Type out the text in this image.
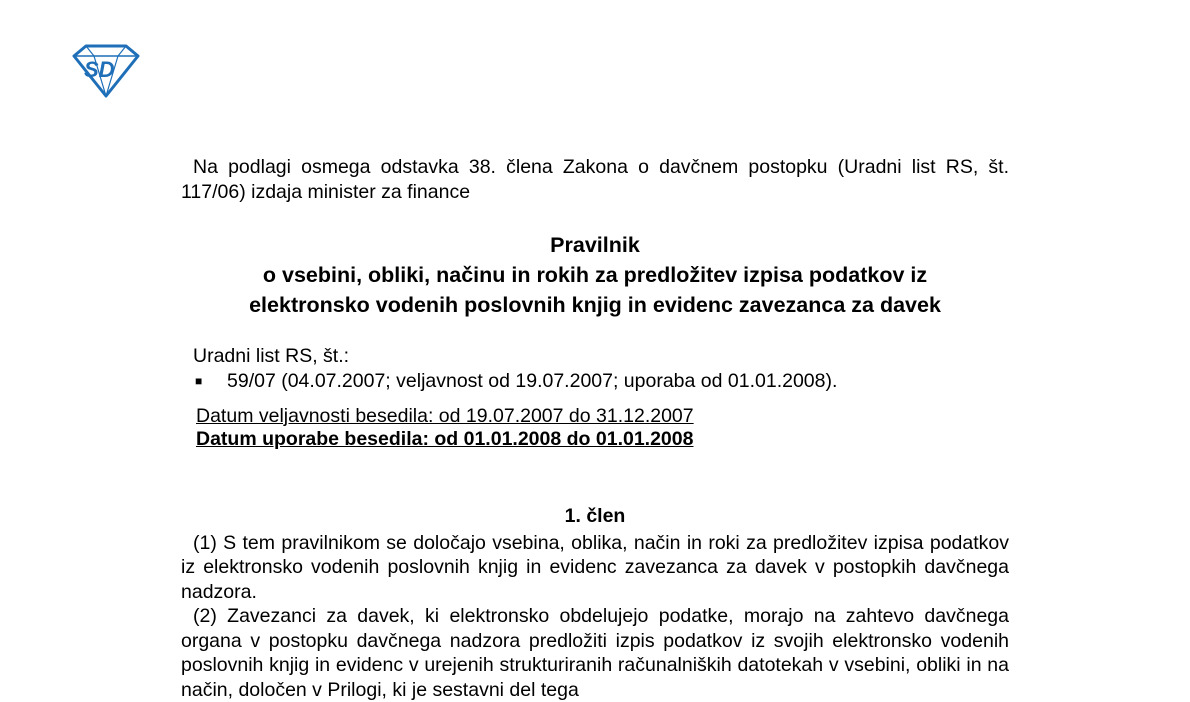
SD

Na podlagi osmega odstavka 38. člena Zakona o davčnem postopku (Uradni list RS, št. 117/06) izdaja minister za finance

Pravilnik
o vsebini, obliki, načinu in rokih za predložitev izpisa podatkov iz
elektronsko vodenih poslovnih knjig in evidenc zavezanca za davek
Uradni list RS, št.:
■ 59/07 (04.07.2007; veljavnost od 19.07.2007; uporaba od 01.01.2008).
Datum veljavnosti besedila: od 19.07.2007 do 31.12.2007
Datum uporabe besedila: od 01.01.2008 do 01.01.2008
1. člen

(1) S tem pravilnikom se določajo vsebina, oblika, način in roki za predložitev izpisa podatkov iz elektronsko vodenih poslovnih knjig in evidenc zavezanca za davek v postopkih davčnega nadzora.

(2) Zavezanci za davek, ki elektronsko obdelujejo podatke, morajo na zahtevo davčnega organa v postopku davčnega nadzora predložiti izpis podatkov iz svojih elektronsko vodenih poslovnih knjig in evidenc v urejenih strukturiranih računalniških datotekah v vsebini, obliki in na način, določen v Prilogi, ki je sestavni del tega
